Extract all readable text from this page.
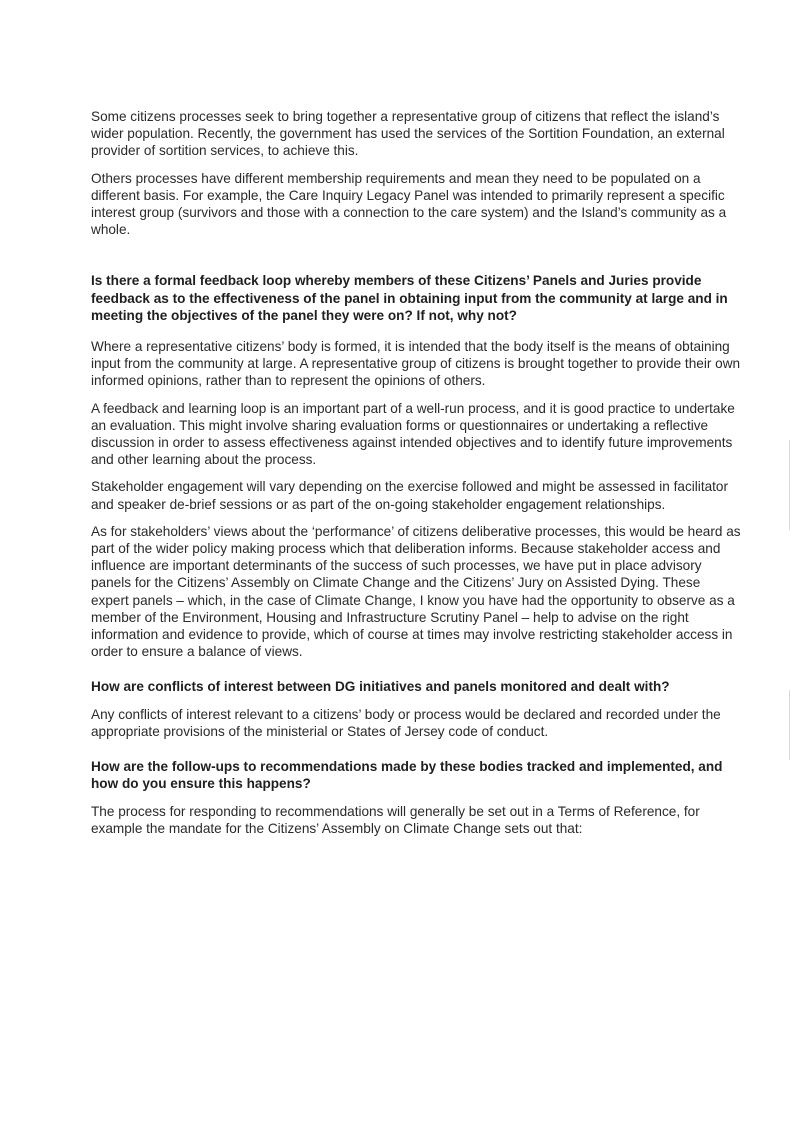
Some citizens processes seek to bring together a representative group of citizens that reflect the island’s wider population. Recently, the government has used the services of the Sortition Foundation, an external provider of sortition services, to achieve this.

Others processes have different membership requirements and mean they need to be populated on a different basis. For example, the Care Inquiry Legacy Panel was intended to primarily represent a specific interest group (survivors and those with a connection to the care system) and the Island’s community as a whole.

Is there a formal feedback loop whereby members of these Citizens’ Panels and Juries provide feedback as to the effectiveness of the panel in obtaining input from the community at large and in meeting the objectives of the panel they were on? If not, why not?

Where a representative citizens’ body is formed, it is intended that the body itself is the means of obtaining input from the community at large. A representative group of citizens is brought together to provide their own informed opinions, rather than to represent the opinions of others.

A feedback and learning loop is an important part of a well-run process, and it is good practice to undertake an evaluation. This might involve sharing evaluation forms or questionnaires or undertaking a reflective discussion in order to assess effectiveness against intended objectives and to identify future improvements and other learning about the process.

Stakeholder engagement will vary depending on the exercise followed and might be assessed in facilitator and speaker de-brief sessions or as part of the on-going stakeholder engagement relationships.

As for stakeholders’ views about the ‘performance’ of citizens deliberative processes, this would be heard as part of the wider policy making process which that deliberation informs. Because stakeholder access and influence are important determinants of the success of such processes, we have put in place advisory panels for the Citizens’ Assembly on Climate Change and the Citizens’ Jury on Assisted Dying. These expert panels – which, in the case of Climate Change, I know you have had the opportunity to observe as a member of the Environment, Housing and Infrastructure Scrutiny Panel – help to advise on the right information and evidence to provide, which of course at times may involve restricting stakeholder access in order to ensure a balance of views.

How are conflicts of interest between DG initiatives and panels monitored and dealt with?

Any conflicts of interest relevant to a citizens’ body or process would be declared and recorded under the appropriate provisions of the ministerial or States of Jersey code of conduct.

How are the follow-ups to recommendations made by these bodies tracked and implemented, and how do you ensure this happens?

The process for responding to recommendations will generally be set out in a Terms of Reference, for example the mandate for the Citizens’ Assembly on Climate Change sets out that:
